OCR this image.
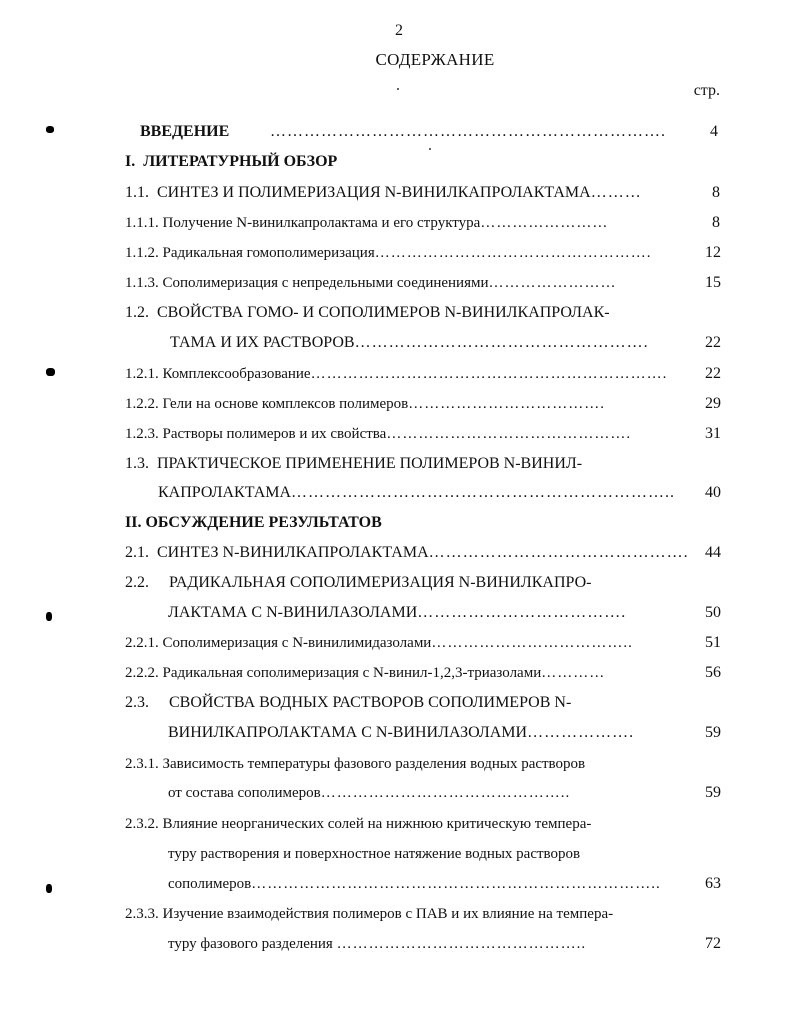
2
СОДЕРЖАНИЕ
стр.
ВВЕДЕНИЕ	…………………………………………………………….	4
I. ЛИТЕРАТУРНЫЙ ОБЗОР
1.1. СИНТЕЗ И ПОЛИМЕРИЗАЦИЯ N-ВИНИЛКАПРОЛАКТАМА………	8
1.1.1. Получение N-винилкапролактама и его структура……………………	8
1.1.2. Радикальная гомополимеризация…………………………………………….	12
1.1.3. Сополимеризация с непредельными соединениями……………………	15
1.2. СВОЙСТВА ГОМО- И СОПОЛИМЕРОВ N-ВИНИЛКАПРОЛАК-
ТАМА И ИХ РАСТВОРОВ…………………………………………….	22
1.2.1. Комплексообразование………………………………………………………….	22
1.2.2. Гели на основе комплексов полимеров……………………………….	29
1.2.3. Растворы полимеров и их свойства……………………………………….	31
1.3. ПРАКТИЧЕСКОЕ ПРИМЕНЕНИЕ ПОЛИМЕРОВ N-ВИНИЛ-
КАПРОЛАКТАМА…………………………………………………………..	40
II. ОБСУЖДЕНИЕ РЕЗУЛЬТАТОВ
2.1. СИНТЕЗ N-ВИНИЛКАПРОЛАКТАМА……………………………………….	44
2.2. РАДИКАЛЬНАЯ СОПОЛИМЕРИЗАЦИЯ N-ВИНИЛКАПРО-
ЛАКТАМА С N-ВИНИЛАЗОЛАМИ……………………………….	50
2.2.1. Сополимеризация с N-винилимидазолами………………………………..	51
2.2.2. Радикальная сополимеризация с N-винил-1,2,3-триазолами…………	56
2.3. СВОЙСТВА ВОДНЫХ РАСТВОРОВ СОПОЛИМЕРОВ N-
ВИНИЛКАПРОЛАКТАМА С N-ВИНИЛАЗОЛАМИ……………….	59
2.3.1. Зависимость температуры фазового разделения водных растворов
от состава сополимеров………………………………………..	59
2.3.2. Влияние неорганических солей на нижнюю критическую темпера-
туру растворения и поверхностное натяжение водных растворов
сополимеров…………………………………………………………………..	63
2.3.3. Изучение взаимодействия полимеров с ПАВ и их влияние на темпера-
туру фазового разделения ………………………………………..	72
